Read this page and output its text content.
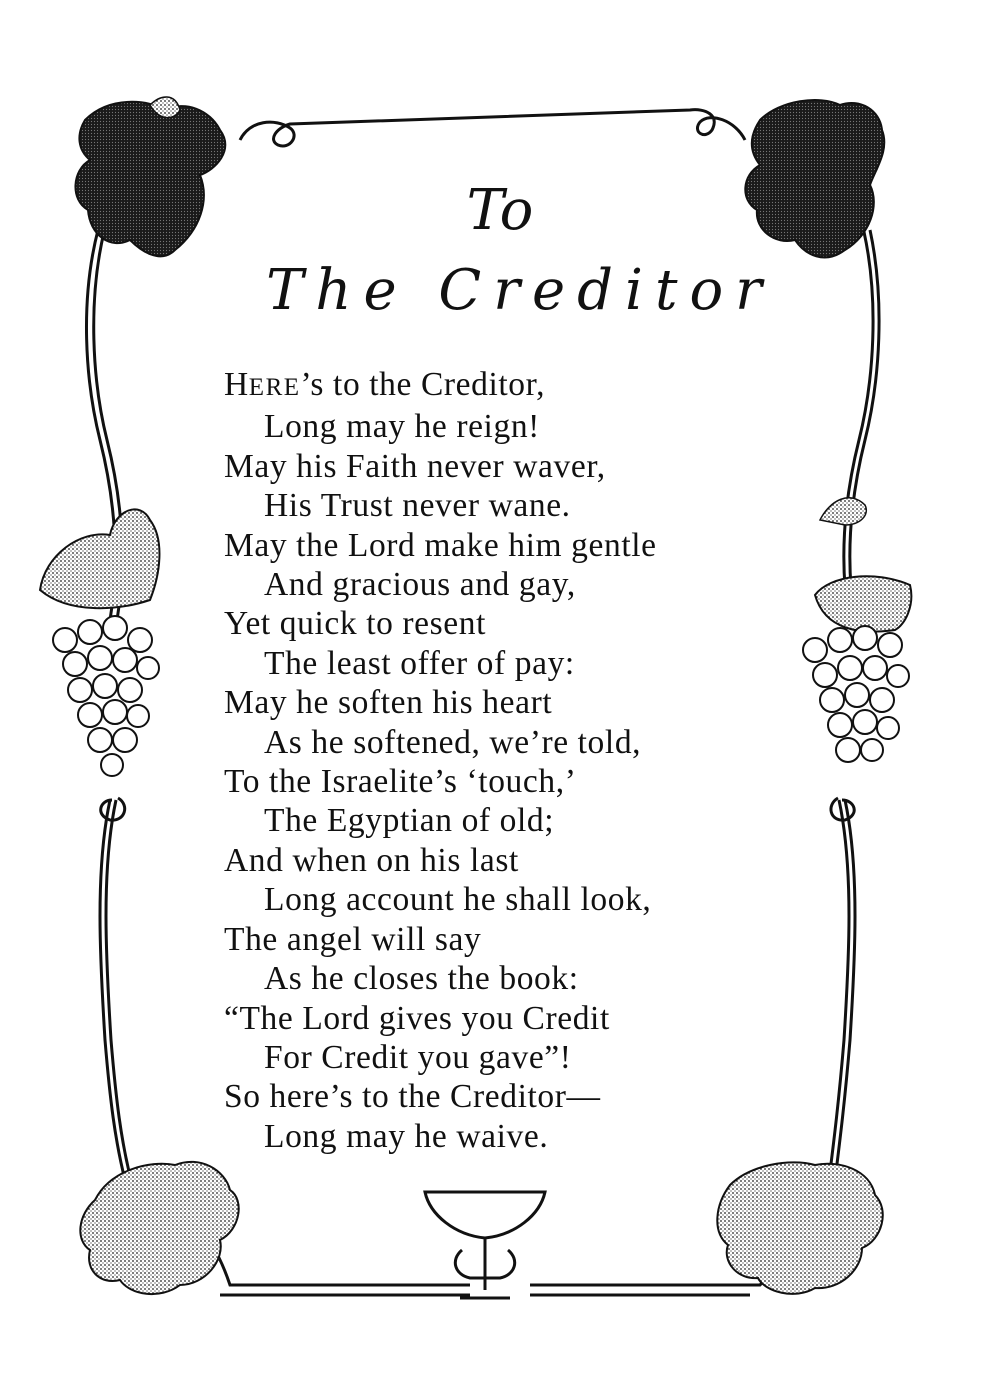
To
The Creditor
HERE’s to the Creditor,
Long may he reign!
May his Faith never waver,
His Trust never wane.
May the Lord make him gentle
And gracious and gay,
Yet quick to resent
The least offer of pay:
May he soften his heart
As he softened, we’re told,
To the Israelite’s ‘touch,’
The Egyptian of old;
And when on his last
Long account he shall look,
The angel will say
As he closes the book:
“The Lord gives you Credit
For Credit you gave”!
So here’s to the Creditor—
Long may he waive.
